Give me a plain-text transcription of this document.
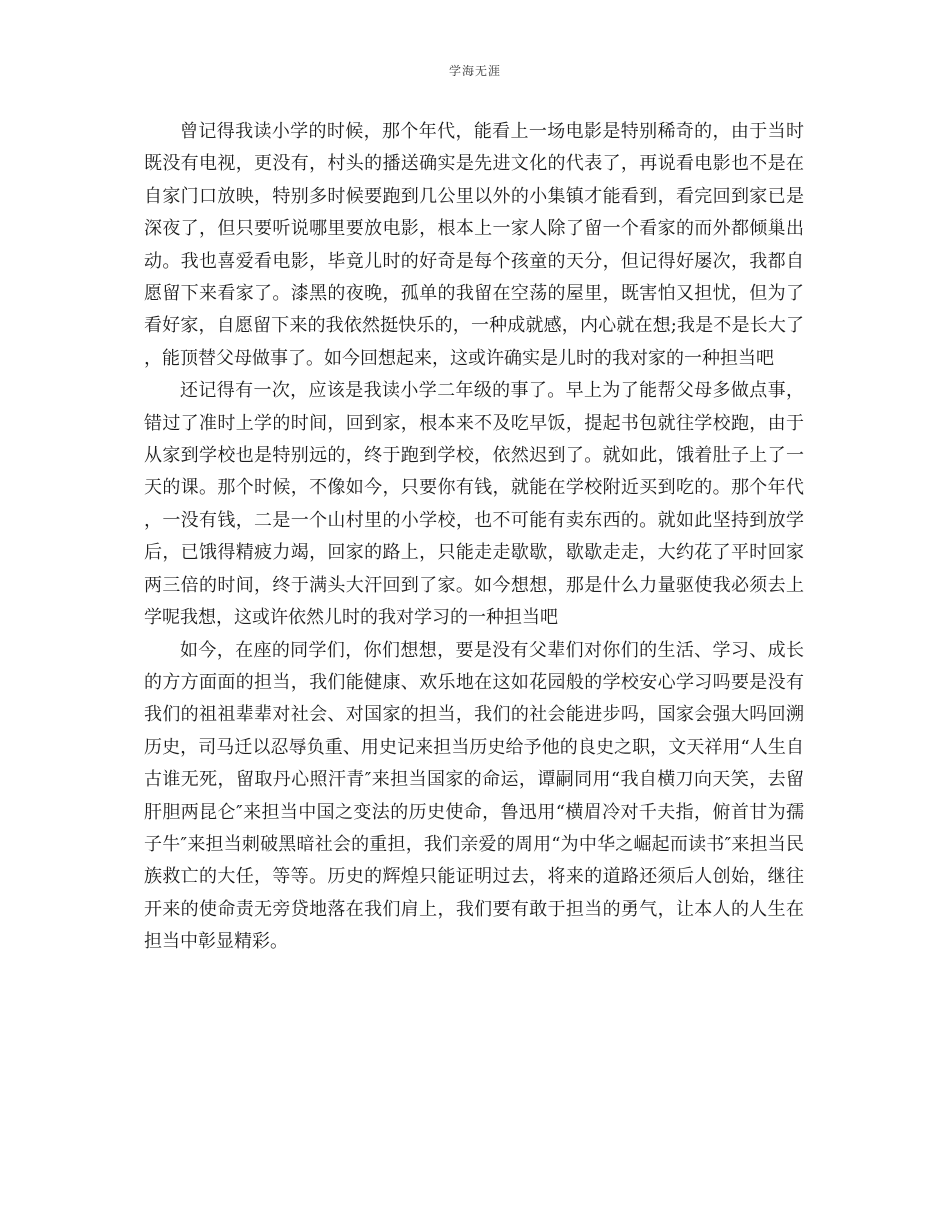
学海无涯

曾记得我读小学的时候，那个年代，能看上一场电影是特别稀奇的，由于当时既没有电视，更没有，村头的播送确实是先进文化的代表了，再说看电影也不是在自家门口放映，特别多时候要跑到几公里以外的小集镇才能看到，看完回到家已是深夜了，但只要听说哪里要放电影，根本上一家人除了留一个看家的而外都倾巢出动。我也喜爱看电影，毕竟儿时的好奇是每个孩童的天分，但记得好屡次，我都自愿留下来看家了。漆黑的夜晚，孤单的我留在空荡的屋里，既害怕又担忧，但为了看好家，自愿留下来的我依然挺快乐的，一种成就感，内心就在想;我是不是长大了，能顶替父母做事了。如今回想起来，这或许确实是儿时的我对家的一种担当吧

还记得有一次，应该是我读小学二年级的事了。早上为了能帮父母多做点事，错过了准时上学的时间，回到家，根本来不及吃早饭，提起书包就往学校跑，由于从家到学校也是特别远的，终于跑到学校，依然迟到了。就如此，饿着肚子上了一天的课。那个时候，不像如今，只要你有钱，就能在学校附近买到吃的。那个年代，一没有钱，二是一个山村里的小学校，也不可能有卖东西的。就如此坚持到放学后，已饿得精疲力竭，回家的路上，只能走走歇歇，歇歇走走，大约花了平时回家两三倍的时间，终于满头大汗回到了家。如今想想，那是什么力量驱使我必须去上学呢我想，这或许依然儿时的我对学习的一种担当吧

如今，在座的同学们，你们想想，要是没有父辈们对你们的生活、学习、成长的方方面面的担当，我们能健康、欢乐地在这如花园般的学校安心学习吗要是没有我们的祖祖辈辈对社会、对国家的担当，我们的社会能进步吗，国家会强大吗回溯历史，司马迁以忍辱负重、用史记来担当历史给予他的良史之职，文天祥用“人生自古谁无死，留取丹心照汗青″来担当国家的命运，谭嗣同用“我自横刀向天笑，去留肝胆两昆仑″来担当中国之变法的历史使命，鲁迅用“横眉冷对千夫指，俯首甘为孺子牛″来担当刺破黑暗社会的重担，我们亲爱的周用“为中华之崛起而读书″来担当民族救亡的大任，等等。历史的辉煌只能证明过去，将来的道路还须后人创始，继往开来的使命责无旁贷地落在我们肩上，我们要有敢于担当的勇气，让本人的人生在担当中彰显精彩。
